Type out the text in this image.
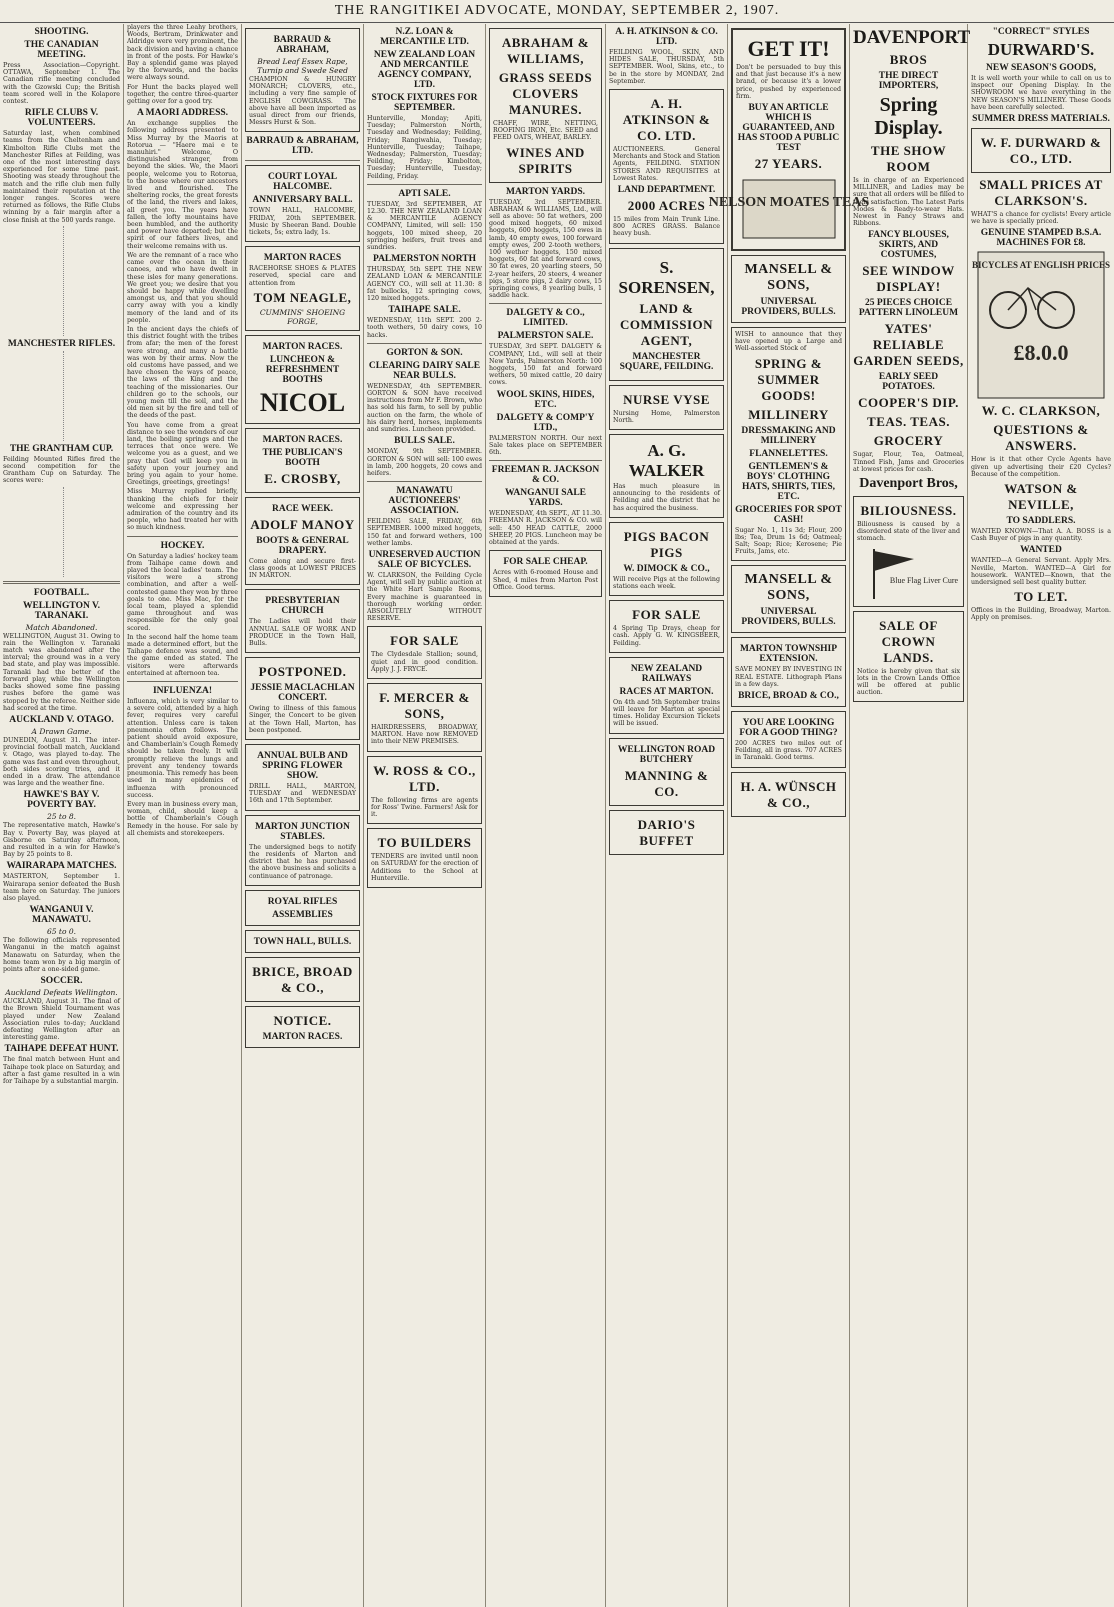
THE RANGITIKEI ADVOCATE, MONDAY, SEPTEMBER 2, 1907.
SHOOTING.
THE CANADIAN MEETING.

Press Association—Copyright. OTTAWA, September 1. The Canadian rifle meeting concluded with the Gzowski Cup; the British team scored well in the Kolapore contest.

RIFLE CLUBS V. VOLUNTEERS.

Saturday last, when combined teams from the Cheltenham and Kimbolton Rifle Clubs met the Manchester Rifles at Feilding, was one of the most interesting days experienced for some time past. Shooting was steady throughout the match and the rifle club men fully maintained their reputation at the longer ranges. Scores were returned as follows, the Rifle Clubs winning by a fair margin after a close finish at the 500 yards range.

MANCHESTER RIFLES.
THE GRANTHAM CUP.

Feilding Mounted Rifles fired the second competition for the Grantham Cup on Saturday. The scores were:

FOOTBALL.
WELLINGTON V. TARANAKI.
Match Abandoned.

WELLINGTON, August 31. Owing to rain the Wellington v. Taranaki match was abandoned after the interval; the ground was in a very bad state, and play was impossible. Taranaki had the better of the forward play, while the Wellington backs showed some fine passing rushes before the game was stopped by the referee. Neither side had scored at the time.

AUCKLAND V. OTAGO.
A Drawn Game.

DUNEDIN, August 31. The inter-provincial football match, Auckland v. Otago, was played to-day. The game was fast and even throughout, both sides scoring tries, and it ended in a draw. The attendance was large and the weather fine.

HAWKE'S BAY V. POVERTY BAY.
25 to 8.

The representative match, Hawke's Bay v. Poverty Bay, was played at Gisborne on Saturday afternoon, and resulted in a win for Hawke's Bay by 25 points to 8.

WAIRARAPA MATCHES.

MASTERTON, September 1. Wairarapa senior defeated the Bush team here on Saturday. The juniors also played.

WANGANUI V. MANAWATU.
65 to 0.

The following officials represented Wanganui in the match against Manawatu on Saturday, when the home team won by a big margin of points after a one-sided game.

SOCCER.
Auckland Defeats Wellington.

AUCKLAND, August 31. The final of the Brown Shield Tournament was played under New Zealand Association rules to-day; Auckland defeating Wellington after an interesting game.

TAIHAPE DEFEAT HUNT.

The final match between Hunt and Taihape took place on Saturday, and after a fast game resulted in a win for Taihape by a substantial margin.

players the three Leahy brothers, Woods, Bertram, Drinkwater and Aldridge were very prominent, the back division and having a chance in front of the posts. For Hawke's Bay a splendid game was played by the forwards, and the backs were always sound.

For Hunt the backs played well together, the centre three-quarter getting over for a good try.

A MAORI ADDRESS.

An exchange supplies the following address presented to Miss Murray by the Maoris at Rotorua — "Haere mai e te manuhiri." Welcome, O distinguished stranger, from beyond the skies. We, the Maori people, welcome you to Rotorua, to the house where our ancestors lived and flourished. The sheltering rocks, the great forests of the land, the rivers and lakes, all greet you. The years have fallen, the lofty mountains have been humbled, and the authority and power have departed; but the spirit of our fathers lives, and their welcome remains with us.

We are the remnant of a race who came over the ocean in their canoes, and who have dwelt in these isles for many generations. We greet you; we desire that you should be happy while dwelling amongst us, and that you should carry away with you a kindly memory of the land and of its people.

In the ancient days the chiefs of this district fought with the tribes from afar; the men of the forest were strong, and many a battle was won by their arms. Now the old customs have passed, and we have chosen the ways of peace, the laws of the King and the teaching of the missionaries. Our children go to the schools, our young men till the soil, and the old men sit by the fire and tell of the deeds of the past.

You have come from a great distance to see the wonders of our land, the boiling springs and the terraces that once were. We welcome you as a guest, and we pray that God will keep you in safety upon your journey and bring you again to your home. Greetings, greetings, greetings!

Miss Murray replied briefly, thanking the chiefs for their welcome and expressing her admiration of the country and its people, who had treated her with so much kindness.

HOCKEY.

On Saturday a ladies' hockey team from Taihape came down and played the local ladies' team. The visitors were a strong combination, and after a well-contested game they won by three goals to one. Miss Mac, for the local team, played a splendid game throughout and was responsible for the only goal scored.

In the second half the home team made a determined effort, but the Taihape defence was sound, and the game ended as stated. The visitors were afterwards entertained at afternoon tea.

INFLUENZA!

Influenza, which is very similar to a severe cold, attended by a high fever, requires very careful attention. Unless care is taken pneumonia often follows. The patient should avoid exposure, and Chamberlain's Cough Remedy should be taken freely. It will promptly relieve the lungs and prevent any tendency towards pneumonia. This remedy has been used in many epidemics of influenza with pronounced success.

Every man in business every man, woman, child, should keep a bottle of Chamberlain's Cough Remedy in the house. For sale by all chemists and storekeepers.

BARRAUD & ABRAHAM,
Bread Leaf Essex Rape, Turnip and Swede Seed

CHAMPION & HUNGRY MONARCH; CLOVERS, etc., including a very fine sample of ENGLISH COWGRASS. The above have all been imported as usual direct from our friends, Messrs Hurst & Son.

BARRAUD & ABRAHAM, LTD.
COURT LOYAL HALCOMBE.
ANNIVERSARY BALL.

TOWN HALL, HALCOMBE, FRIDAY, 20th SEPTEMBER. Music by Sheeran Band. Double tickets, 5s; extra lady, 1s.

MARTON RACES

RACEHORSE SHOES & PLATES reserved, special care and attention from

TOM NEAGLE,
CUMMINS' SHOEING FORGE,
MARTON RACES.
LUNCHEON & REFRESHMENT BOOTHS
NICOL
MARTON RACES.
THE PUBLICAN'S BOOTH
E. CROSBY,
RACE WEEK.
ADOLF MANOY
BOOTS & GENERAL DRAPERY.

Come along and secure first-class goods at LOWEST PRICES IN MARTON.

PRESBYTERIAN CHURCH

The Ladies will hold their ANNUAL SALE OF WORK AND PRODUCE in the Town Hall, Bulls.

POSTPONED.
JESSIE MACLACHLAN CONCERT.

Owing to illness of this famous Singer, the Concert to be given at the Town Hall, Marton, has been postponed.

ANNUAL BULB AND SPRING FLOWER SHOW.

DRILL HALL, MARTON, TUESDAY and WEDNESDAY 16th and 17th September.

MARTON JUNCTION STABLES.

The undersigned begs to notify the residents of Marton and district that he has purchased the above business and solicits a continuance of patronage.

ROYAL RIFLES
ASSEMBLIES
TOWN HALL, BULLS.
BRICE, BROAD & CO.,
NOTICE.
MARTON RACES.
N.Z. LOAN & MERCANTILE LTD.
NEW ZEALAND LOAN AND MERCANTILE AGENCY COMPANY, LTD.
STOCK FIXTURES FOR SEPTEMBER.

Hunterville, Monday; Apiti, Tuesday; Palmerston North, Tuesday and Wednesday; Feilding, Friday; Rangiwahia, Tuesday; Hunterville, Tuesday; Taihape, Wednesday; Palmerston, Tuesday; Feilding, Friday; Kimbolton, Tuesday; Hunterville, Tuesday; Feilding, Friday.

APTI SALE.

TUESDAY, 3rd SEPTEMBER, AT 12.30. THE NEW ZEALAND LOAN & MERCANTILE AGENCY COMPANY, Limited, will sell: 150 hoggets, 100 mixed sheep, 20 springing heifers, fruit trees and sundries.

PALMERSTON NORTH

THURSDAY, 5th SEPT. THE NEW ZEALAND LOAN & MERCANTILE AGENCY CO., will sell at 11.30: 8 fat bullocks, 12 springing cows, 120 mixed hoggets.

TAIHAPE SALE.

WEDNESDAY, 11th SEPT. 200 2-tooth wethers, 50 dairy cows, 10 hacks.

GORTON & SON.
CLEARING DAIRY SALE NEAR BULLS.

WEDNESDAY, 4th SEPTEMBER. GORTON & SON have received instructions from Mr F. Brown, who has sold his farm, to sell by public auction on the farm, the whole of his dairy herd, horses, implements and sundries. Luncheon provided.

BULLS SALE.

MONDAY, 9th SEPTEMBER. GORTON & SON will sell: 100 ewes in lamb, 200 hoggets, 20 cows and heifers.

MANAWATU AUCTIONEERS' ASSOCIATION.

FEILDING SALE, FRIDAY, 6th SEPTEMBER. 1000 mixed hoggets, 150 fat and forward wethers, 100 wether lambs.

UNRESERVED AUCTION SALE OF BICYCLES.

W. CLARKSON, the Feilding Cycle Agent, will sell by public auction at the White Hart Sample Rooms, Every machine is guaranteed in thorough working order. ABSOLUTELY WITHOUT RESERVE.

FOR SALE

The Clydesdale Stallion; sound, quiet and in good condition. Apply J. J. FRYCE.

F. MERCER & SONS,

HAIRDRESSERS, BROADWAY, MARTON. Have now REMOVED into their NEW PREMISES.

W. ROSS & CO., LTD.

The following firms are agents for Ross' Twine. Farmers! Ask for it.

TO BUILDERS

TENDERS are invited until noon on SATURDAY for the erection of Additions to the School at Hunterville.

ABRAHAM & WILLIAMS,
GRASS SEEDS CLOVERS MANURES.

CHAFF, WIRE, NETTING, ROOFING IRON, Etc. SEED and FEED OATS, WHEAT, BARLEY.

WINES AND SPIRITS
MARTON YARDS.

TUESDAY, 3rd SEPTEMBER. ABRAHAM & WILLIAMS, Ltd., will sell as above: 50 fat wethers, 200 good mixed hoggets, 60 mixed hoggets, 600 hoggets, 150 ewes in lamb, 40 empty ewes, 100 forward empty ewes, 200 2-tooth wethers, 100 wether hoggets, 150 mixed hoggets, 60 fat and forward cows, 30 fat ewes, 20 yearling steers, 50 2-year heifers, 20 steers, 4 weaner pigs, 5 store pigs, 2 dairy cows, 15 springing cows, 8 yearling bulls, 1 saddle hack.

DALGETY & CO., LIMITED.
PALMERSTON SALE.

TUESDAY, 3rd SEPT. DALGETY & COMPANY, Ltd., will sell at their New Yards, Palmerston North: 100 hoggets, 150 fat and forward wethers, 50 mixed cattle, 20 dairy cows.

WOOL SKINS, HIDES, ETC.
DALGETY & COMP'Y LTD.,

PALMERSTON NORTH. Our next Sale takes place on SEPTEMBER 6th.

FREEMAN R. JACKSON & CO.
WANGANUI SALE YARDS.

WEDNESDAY, 4th SEPT., AT 11.30. FREEMAN R. JACKSON & CO. will sell: 450 HEAD CATTLE, 2000 SHEEP, 20 PIGS. Luncheon may be obtained at the yards.

FOR SALE CHEAP.

Acres with 6-roomed House and Shed, 4 miles from Marton Post Office. Good terms.

A. H. ATKINSON & CO. LTD.

FEILDING WOOL, SKIN, AND HIDES SALE, THURSDAY, 5th SEPTEMBER. Wool, Skins, etc., to be in the store by MONDAY, 2nd September.

A. H. ATKINSON & CO. LTD.

AUCTIONEERS. General Merchants and Stock and Station Agents, FEILDING. STATION STORES AND REQUISITES at Lowest Rates.

LAND DEPARTMENT.
2000 ACRES

15 miles from Main Trunk Line. 800 ACRES GRASS. Balance heavy bush.

S. SORENSEN,
LAND & COMMISSION AGENT,
MANCHESTER SQUARE, FEILDING.
NURSE VYSE

Nursing Home, Palmerston North.

A. G. WALKER

Has much pleasure in announcing to the residents of Feilding and the district that he has acquired the business.

PIGS BACON PIGS
W. DIMOCK & CO.,

Will receive Pigs at the following stations each week.

FOR SALE

4 Spring Tip Drays, cheap for cash. Apply G. W. KINGSBEER, Feilding.

NEW ZEALAND RAILWAYS
RACES AT MARTON.

On 4th and 5th September trains will leave for Marton at special times. Holiday Excursion Tickets will be issued.

WELLINGTON ROAD BUTCHERY
MANNING & CO.
DARIO'S BUFFET
GET IT!

Don't be persuaded to buy this and that just because it's a new brand, or because it's a lower price, pushed by experienced firm.

BUY AN ARTICLE WHICH IS GUARANTEED, AND HAS STOOD A PUBLIC TEST
27 YEARS.
NELSON MOATES TEAS
MANSELL & SONS,
UNIVERSAL PROVIDERS, BULLS.

WISH to announce that they have opened up a Large and Well-assorted Stock of

SPRING & SUMMER GOODS!
MILLINERY
DRESSMAKING AND MILLINERY
FLANNELETTES.
GENTLEMEN'S & BOYS' CLOTHING HATS, SHIRTS, TIES, ETC.
GROCERIES FOR SPOT CASH!

Sugar No. 1, 11s 3d; Flour, 200 lbs; Tea, Drum 1s 6d; Oatmeal; Salt; Soap; Rice; Kerosene; Pie Fruits, Jams, etc.

MANSELL & SONS,
UNIVERSAL PROVIDERS, BULLS.
MARTON TOWNSHIP EXTENSION.

SAVE MONEY BY INVESTING IN REAL ESTATE. Lithograph Plans in a few days.

BRICE, BROAD & CO.,
YOU ARE LOOKING FOR A GOOD THING?

200 ACRES two miles out of Feilding, all in grass. 707 ACRES in Taranaki. Good terms.

H. A. WÜNSCH & CO.,
DAVENPORT
BROS
THE DIRECT IMPORTERS,
Spring Display.
THE SHOW ROOM

Is in charge of an Experienced MILLINER, and Ladies may be sure that all orders will be filled to their satisfaction. The Latest Paris Modes & Ready-to-wear Hats. Newest in Fancy Straws and Ribbons.

FANCY BLOUSES, SKIRTS, AND COSTUMES,
SEE WINDOW DISPLAY!
25 PIECES CHOICE PATTERN LINOLEUM
YATES' RELIABLE GARDEN SEEDS,
EARLY SEED POTATOES.
COOPER'S DIP.
TEAS. TEAS.
GROCERY

Sugar, Flour, Tea, Oatmeal, Tinned Fish, Jams and Groceries at lowest prices for cash.

Davenport Bros,
BILIOUSNESS.

Biliousness is caused by a disordered state of the liver and stomach.

Blue Flag Liver Cure
SALE OF CROWN LANDS.

Notice is hereby given that six lots in the Crown Lands Office will be offered at public auction.

"CORRECT" STYLES
DURWARD'S.
NEW SEASON'S GOODS,

It is well worth your while to call on us to inspect our Opening Display. In the SHOWROOM we have everything in the NEW SEASON'S MILLINERY. These Goods have been carefully selected.

SUMMER DRESS MATERIALS.
W. F. DURWARD & CO., LTD.
SMALL PRICES AT CLARKSON'S.

WHAT'S a chance for cyclists! Every article we have is specially priced.

GENUINE STAMPED B.S.A. MACHINES FOR £8.
BICYCLES AT ENGLISH PRICES
£8.0.0
W. C. CLARKSON,
QUESTIONS & ANSWERS.

How is it that other Cycle Agents have given up advertising their £20 Cycles? Because of the competition.

WATSON & NEVILLE,
TO SADDLERS.

WANTED KNOWN—That A. A. BOSS is a Cash Buyer of pigs in any quantity.

WANTED

WANTED—A General Servant. Apply Mrs. Neville, Marton. WANTED—A Girl for housework. WANTED—Known, that the undersigned sell best quality butter.

TO LET.

Offices in the Building, Broadway, Marton. Apply on premises.
